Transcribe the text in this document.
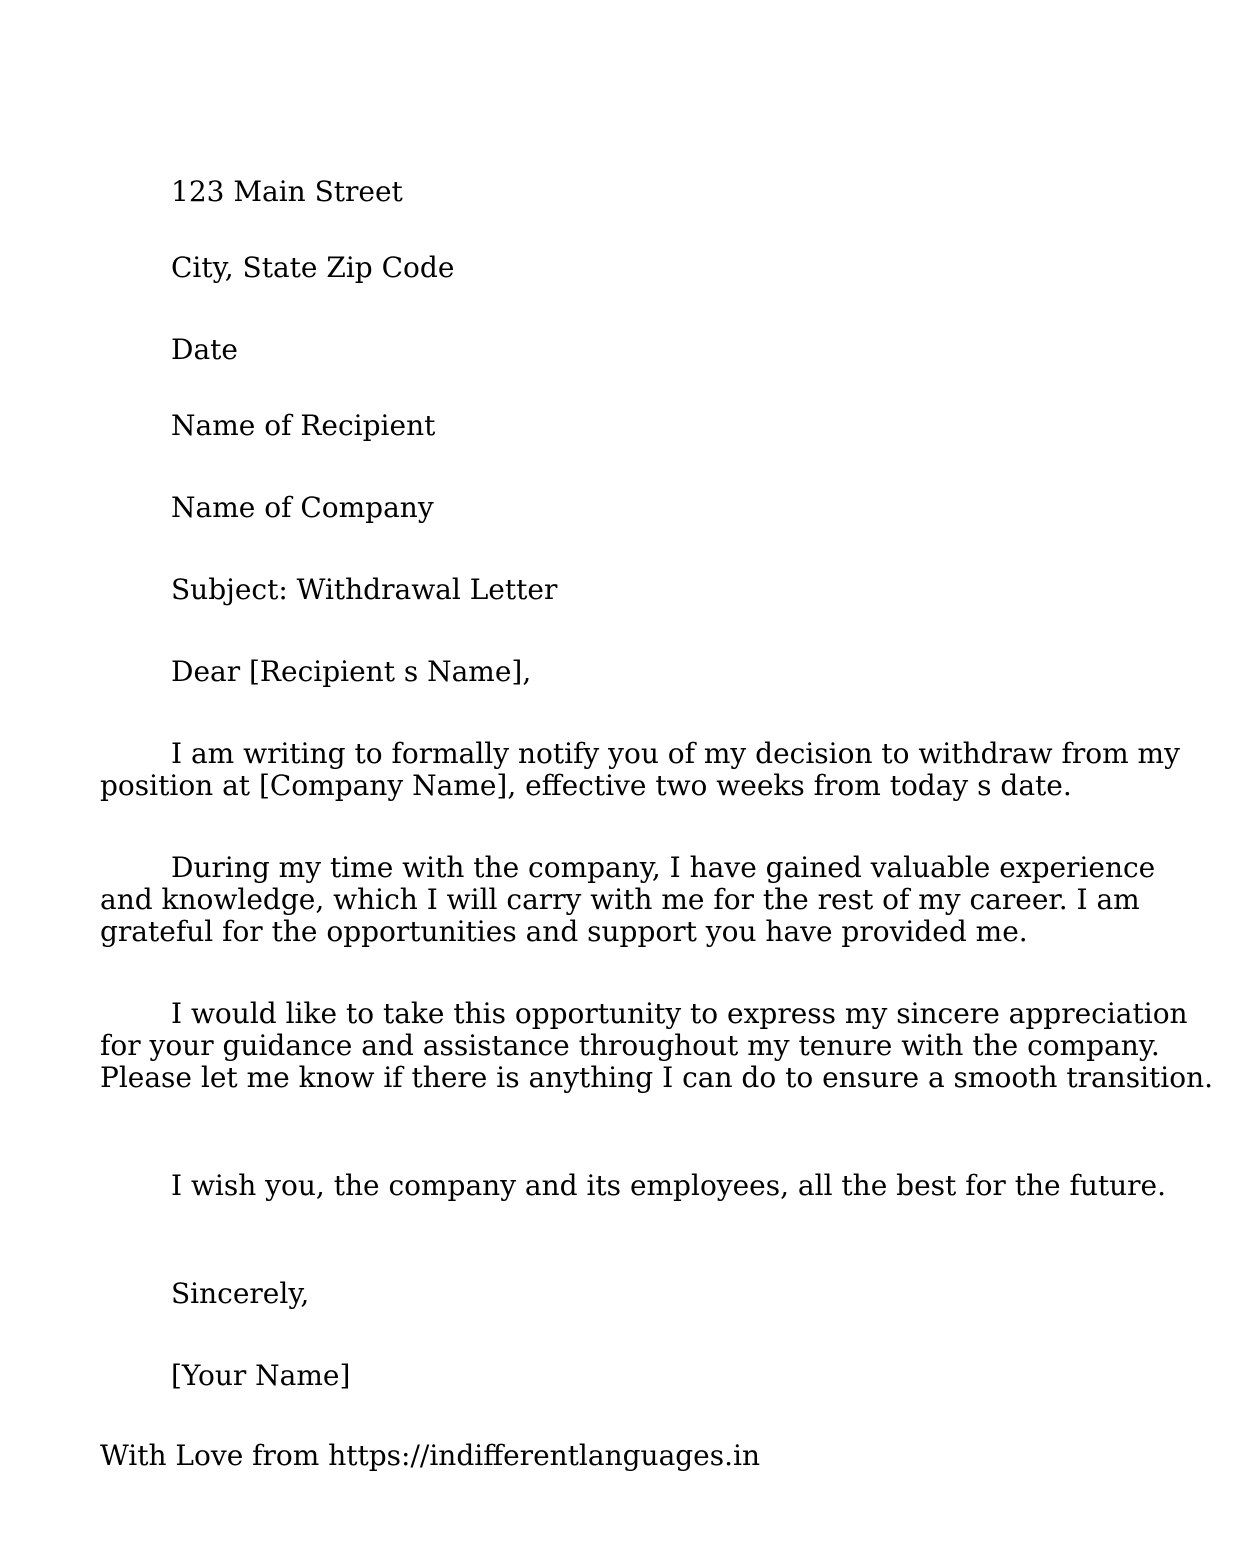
123 Main Street

City, State Zip Code

Date

Name of Recipient

Name of Company

Subject: Withdrawal Letter

Dear [Recipient s Name],

I am writing to formally notify you of my decision to withdraw from my position at [Company Name], effective two weeks from today s date.

During my time with the company, I have gained valuable experience and knowledge, which I will carry with me for the rest of my career. I am grateful for the opportunities and support you have provided me.

I would like to take this opportunity to express my sincere appreciation for your guidance and assistance throughout my tenure with the company. Please let me know if there is anything I can do to ensure a smooth transition.

I wish you, the company and its employees, all the best for the future.

Sincerely,

[Your Name]

With Love from https://indifferentlanguages.in
